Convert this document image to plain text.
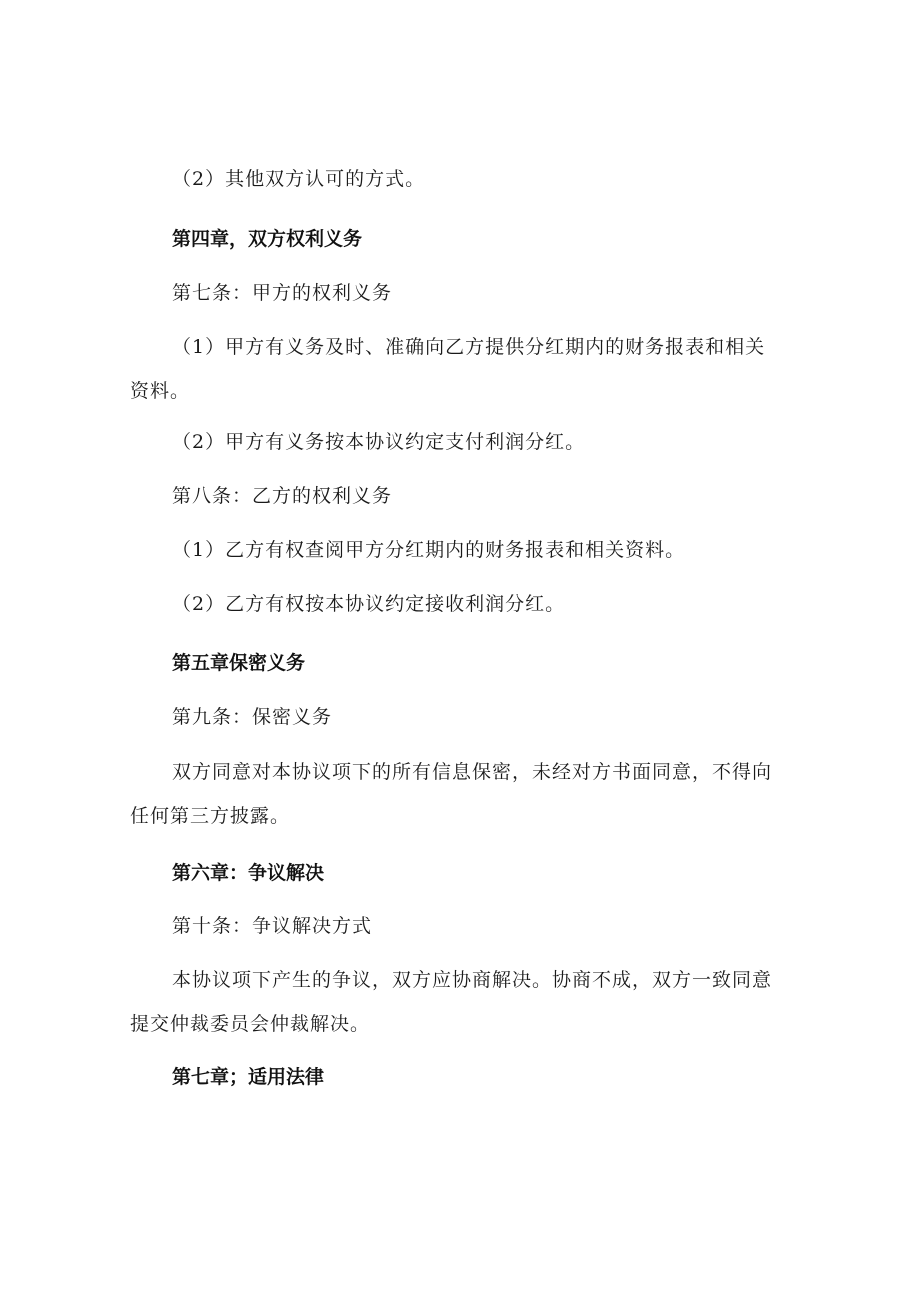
（2）其他双方认可的方式。

第四章，双方权利义务

第七条：甲方的权利义务

（1）甲方有义务及时、准确向乙方提供分红期内的财务报表和相关资料。

（2）甲方有义务按本协议约定支付利润分红。

第八条：乙方的权利义务

（1）乙方有权查阅甲方分红期内的财务报表和相关资料。

（2）乙方有权按本协议约定接收利润分红。

第五章保密义务

第九条：保密义务

双方同意对本协议项下的所有信息保密，未经对方书面同意，不得向任何第三方披露。

第六章：争议解决

第十条：争议解决方式

本协议项下产生的争议，双方应协商解决。协商不成，双方一致同意提交仲裁委员会仲裁解决。

第七章；适用法律
